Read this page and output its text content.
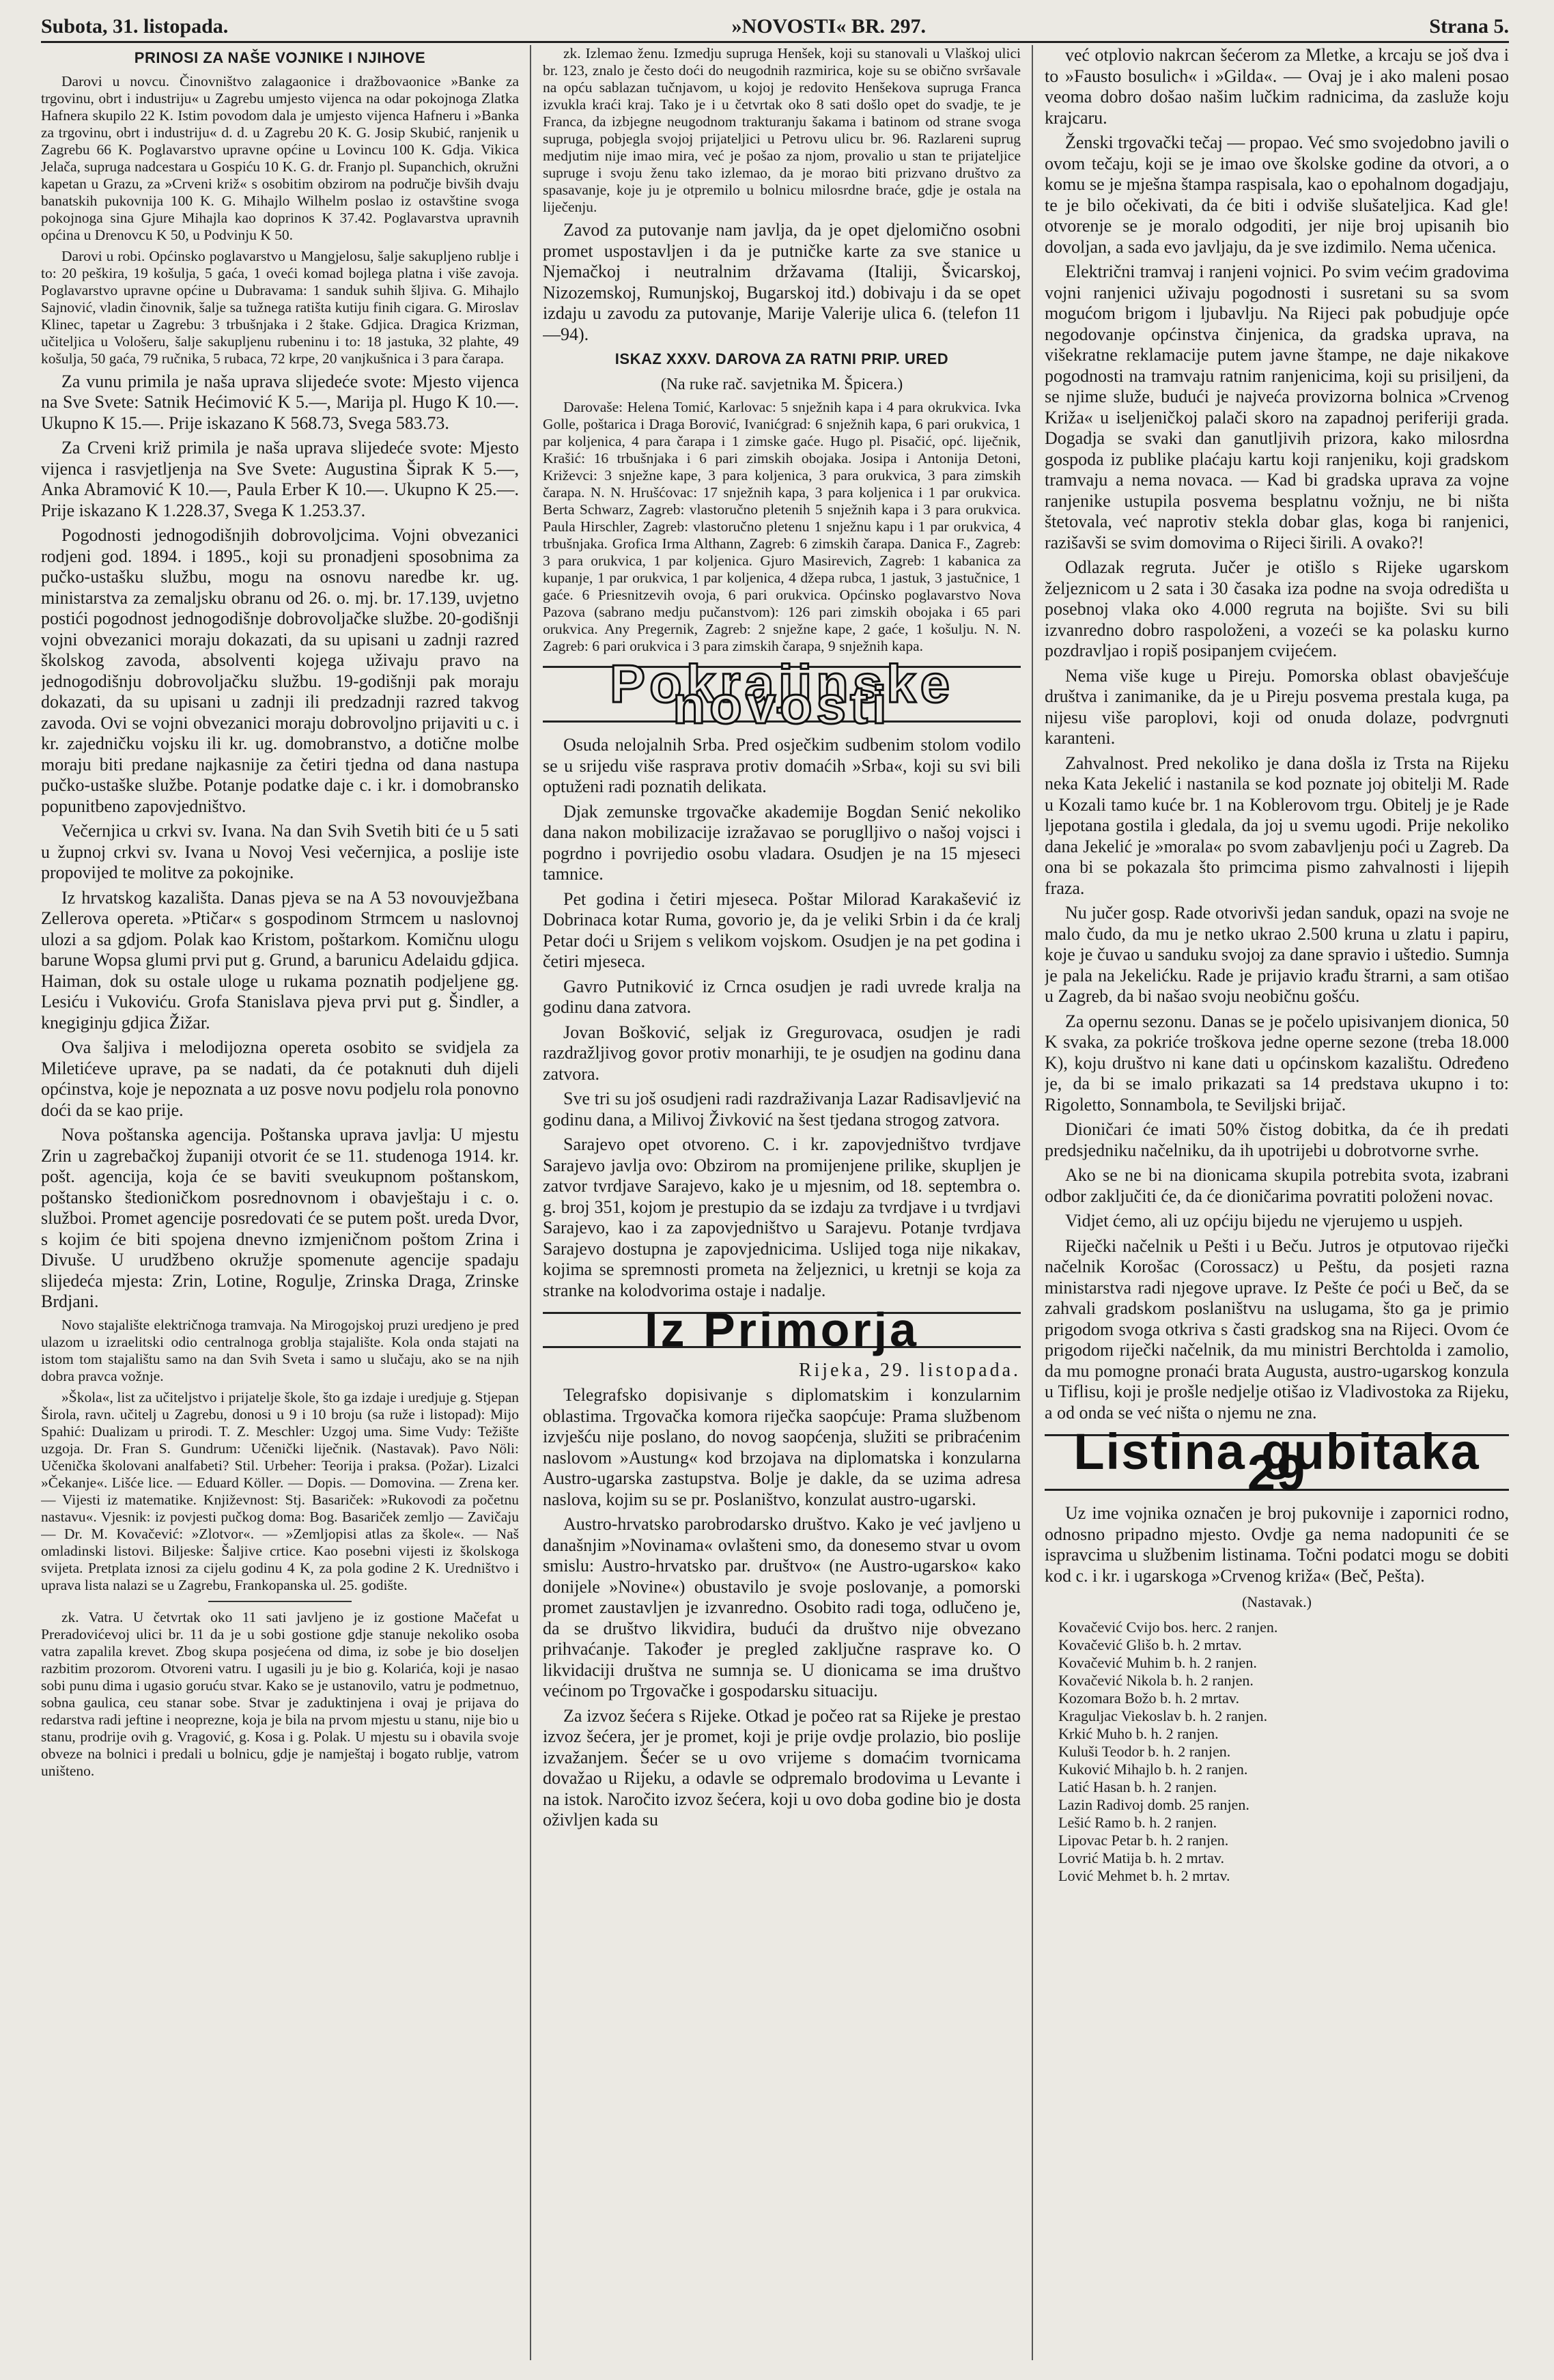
Subota, 31. listopada.	»NOVOSTI« BR. 297.	Strana 5.

PRINOSI ZA NAŠE VOJNIKE I NJIHOVE

Darovi u novcu. Činovništvo zalagaonice i dražbovaonice »Banke za trgovinu, obrt i industriju« u Zagrebu umjesto vijenca na odar pokojnoga Zlatka Hafnera skupilo 22 K. Istim povodom dala je umjesto vijenca Hafneru i »Banka za trgovinu, obrt i industriju« d. d. u Zagrebu 20 K. G. Josip Skubić, ranjenik u Zagrebu 66 K. Poglavarstvo upravne općine u Lovincu 100 K. Gdja. Vikica Jelača, supruga nadcestara u Gospiću 10 K. G. dr. Franjo pl. Supanchich, okružni kapetan u Grazu, za »Crveni križ« s osobitim obzirom na područje bivših dvaju banatskih pukovnija 100 K. G. Mihajlo Wilhelm poslao iz ostavštine svoga pokojnoga sina Gjure Mihajla kao doprinos K 37.42. Poglavarstva upravnih općina u Drenovcu K 50, u Podvinju K 50.

Darovi u robi. Općinsko poglavarstvo u Mangjelosu, šalje sakupljeno rublje i to: 20 peškira, 19 košulja, 5 gaća, 1 oveći komad bojlega platna i više zavoja. Poglavarstvo upravne općine u Dubravama: 1 sanduk suhih šljiva. G. Mihajlo Sajnović, vladin činovnik, šalje sa tužnega ratišta kutiju finih cigara. G. Miroslav Klinec, tapetar u Zagrebu: 3 trbušnjaka i 2 štake. Gdjica. Dragica Krizman, učiteljica u Vološeru, šalje sakupljenu rubeninu i to: 18 jastuka, 32 plahte, 49 košulja, 50 gaća, 79 ručnika, 5 rubaca, 72 krpe, 20 vanjkušnica i 3 para čarapa.

Za vunu primila je naša uprava slijedeće svote: Mjesto vijenca na Sve Svete: Satnik Hećimović K 5.—, Marija pl. Hugo K 10.—. Ukupno K 15.—. Prije iskazano K 568.73, Svega 583.73.

Za Crveni križ primila je naša uprava slijedeće svote: Mjesto vijenca i rasvjetljenja na Sve Svete: Augustina Šiprak K 5.—, Anka Abramović K 10.—, Paula Erber K 10.—. Ukupno K 25.—. Prije iskazano K 1.228.37, Svega K 1.253.37.

Pogodnosti jednogodišnjih dobrovoljcima. Vojni obvezanici rodjeni god. 1894. i 1895., koji su pronadjeni sposobnima za pučko-ustašku službu, mogu na osnovu naredbe kr. ug. ministarstva za zemaljsku obranu od 26. o. mj. br. 17.139, uvjetno postići pogodnost jednogodišnje dobrovoljačke službe. 20-godišnji vojni obvezanici moraju dokazati, da su upisani u zadnji razred školskog zavoda, absolventi kojega uživaju pravo na jednogodišnju dobrovoljačku službu. 19-godišnji pak moraju dokazati, da su upisani u zadnji ili predzadnji razred takvog zavoda. Ovi se vojni obvezanici moraju dobrovoljno prijaviti u c. i kr. zajedničku vojsku ili kr. ug. domobranstvo, a dotične molbe moraju biti predane najkasnije za četiri tjedna od dana nastupa pučko-ustaške službe. Potanje podatke daje c. i kr. i domobransko popunitbeno zapovjedništvo.

Večernjica u crkvi sv. Ivana. Na dan Svih Svetih biti će u 5 sati u župnoj crkvi sv. Ivana u Novoj Vesi večernjica, a poslije iste propovijed te molitve za pokojnike.

Iz hrvatskog kazališta. Danas pjeva se na A 53 novouvježbana Zellerova opereta. »Ptičar« s gospodinom Strmcem u naslovnoj ulozi a sa gdjom. Polak kao Kristom, poštarkom. Komičnu ulogu barune Wopsa glumi prvi put g. Grund, a barunicu Adelaidu gdjica. Haiman, dok su ostale uloge u rukama poznatih podjeljene gg. Lesiću i Vukoviću. Grofa Stanislava pjeva prvi put g. Šindler, a knegiginju gdjica Žižar.

Ova šaljiva i melodijozna opereta osobito se svidjela za Miletićeve uprave, pa se nadati, da će potaknuti duh dijeli općinstva, koje je nepoznata a uz posve novu podjelu rola ponovno doći da se kao prije.

Nova poštanska agencija. Poštanska uprava javlja: U mjestu Zrin u zagrebačkoj županiji otvorit će se 11. studenoga 1914. kr. pošt. agencija, koja će se baviti sveukupnom poštanskom, poštansko štedioničkom posrednovnom i obavještaju i c. o. služboi. Promet agencije posredovati će se putem pošt. ureda Dvor, s kojim će biti spojena dnevno izmjeničnom poštom Zrina i Divuše. U urudžbeno okružje spomenute agencije spadaju slijedeća mjesta: Zrin, Lotine, Rogulje, Zrinska Draga, Zrinske Brdjani.

Novo stajalište električnoga tramvaja. Na Mirogojskoj pruzi uredjeno je pred ulazom u izraelitski odio centralnoga groblja stajalište. Kola onda stajati na istom tom stajalištu samo na dan Svih Sveta i samo u slučaju, ako se na njih dobra pravca vožnje.

»Škola«, list za učiteljstvo i prijatelje škole, što ga izdaje i uredjuje g. Stjepan Širola, ravn. učitelj u Zagrebu, donosi u 9 i 10 broju (sa ruže i listopad): Mijo Spahić: Dualizam u prirodi. T. Z. Meschler: Uzgoj uma. Sime Vudy: Težište uzgoja. Dr. Fran S. Gundrum: Učenički liječnik. (Nastavak). Pavo Nöli: Učenička školovani analfabeti? Stil. Urbeher: Teorija i praksa. (Požar). Lizalci »Čekanje«. Lišće lice. — Eduard Köller. — Dopis. — Domovina. — Zrena ker. — Vijesti iz matematike. Književnost: Stj. Basariček: »Rukovodi za početnu nastavu«. Vjesnik: iz povjesti pučkog doma: Bog. Basariček zemljo — Zavičaju — Dr. M. Kovačević: »Zlotvor«. — »Zemljopisi atlas za škole«. — Naš omladinski listovi. Biljeske: Šaljive crtice. Kao posebni vijesti iz školskoga svijeta. Pretplata iznosi za cijelu godinu 4 K, za pola godine 2 K. Uredništvo i uprava lista nalazi se u Zagrebu, Frankopanska ul. 25. godište.

zk. Vatra. U četvrtak oko 11 sati javljeno je iz gostione Mačefat u Preradovićevoj ulici br. 11 da je u sobi gostione gdje stanuje nekoliko osoba vatra zapalila krevet. Zbog skupa posjećena od dima, iz sobe je bio doseljen razbitim prozorom. Otvoreni vatru. I ugasili ju je bio g. Kolarića, koji je nasao sobi punu dima i ugasio goruću stvar. Kako se je ustanovilo, vatru je podmetnuo, sobna gaulica, ceu stanar sobe. Stvar je zaduktinjena i ovaj je prijava do redarstva radi jeftine i neoprezne, koja je bila na prvom mjestu u stanu, nije bio u stanu, prodrije ovih g. Vragović, g. Kosa i g. Polak. U mjestu su i obavila svoje obveze na bolnici i predali u bolnicu, gdje je namještaj i bogato rublje, vatrom uništeno.

zk. Izlemao ženu. Izmedju supruga Henšek, koji su stanovali u Vlaškoj ulici br. 123, znalo je često doći do neugodnih razmirica, koje su se obično svršavale na opću sablazan tučnjavom, u kojoj je redovito Henšekova supruga Franca izvukla kraći kraj. Tako je i u četvrtak oko 8 sati došlo opet do svadje, te je Franca, da izbjegne neugodnom trakturanju šakama i batinom od strane svoga supruga, pobjegla svojoj prijateljici u Petrovu ulicu br. 96. Razlareni suprug medjutim nije imao mira, već je pošao za njom, provalio u stan te prijateljice supruge i svoju ženu tako izlemao, da je morao biti prizvano društvo za spasavanje, koje ju je otpremilo u bolnicu milosrdne braće, gdje je ostala na liječenju.

Zavod za putovanje nam javlja, da je opet djelomično osobni promet uspostavljen i da je putničke karte za sve stanice u Njemačkoj i neutralnim državama (Italiji, Švicarskoj, Nizozemskoj, Rumunjskoj, Bugarskoj itd.) dobivaju i da se opet izdaju u zavodu za putovanje, Marije Valerije ulica 6. (telefon 11—94).

ISKAZ XXXV. DAROVA ZA RATNI PRIP. URED

(Na ruke rač. savjetnika M. Špicera.)

Darovaše: Helena Tomić, Karlovac: 5 snježnih kapa i 4 para okrukvica. Ivka Golle, poštarica i Draga Borović, Ivanićgrad: 6 snježnih kapa, 6 pari orukvica, 1 par koljenica, 4 para čarapa i 1 zimske gaće. Hugo pl. Pisačić, opć. liječnik, Krašić: 16 trbušnjaka i 6 pari zimskih obojaka. Josipa i Antonija Detoni, Križevci: 3 snježne kape, 3 para koljenica, 3 para orukvica, 3 para zimskih čarapa. N. N. Hrušćovac: 17 snježnih kapa, 3 para koljenica i 1 par orukvica. Berta Schwarz, Zagreb: vlastoručno pletenih 5 snježnih kapa i 3 para orukvica. Paula Hirschler, Zagreb: vlastoručno pletenu 1 snježnu kapu i 1 par orukvica, 4 trbušnjaka. Grofica Irma Althann, Zagreb: 6 zimskih čarapa. Danica F., Zagreb: 3 para orukvica, 1 par koljenica. Gjuro Masirevich, Zagreb: 1 kabanica za kupanje, 1 par orukvica, 1 par koljenica, 4 džepa rubca, 1 jastuk, 3 jastučnice, 1 gaće. 6 Priesnitzevih ovoja, 6 pari orukvica. Općinsko poglavarstvo Nova Pazova (sabrano medju pučanstvom): 126 pari zimskih obojaka i 65 pari orukvica. Any Pregernik, Zagreb: 2 snježne kape, 2 gaće, 1 košulju. N. N. Zagreb: 6 pari orukvica i 3 para zimskih čarapa, 9 snježnih kapa.

Pokrajinske novosti

Osuda nelojalnih Srba. Pred osječkim sudbenim stolom vodilo se u srijedu više rasprava protiv domaćih »Srba«, koji su svi bili optuženi radi poznatih delikata.

Djak zemunske trgovačke akademije Bogdan Senić nekoliko dana nakon mobilizacije izražavao se poruglljivo o našoj vojsci i pogrdno i povrijedio osobu vladara. Osudjen je na 15 mjeseci tamnice.

Pet godina i četiri mjeseca. Poštar Milorad Karakašević iz Dobrinaca kotar Ruma, govorio je, da je veliki Srbin i da će kralj Petar doći u Srijem s velikom vojskom. Osudjen je na pet godina i četiri mjeseca.

Gavro Putniković iz Crnca osudjen je radi uvrede kralja na godinu dana zatvora.

Jovan Bošković, seljak iz Gregurovaca, osudjen je radi razdražljivog govor protiv monarhiji, te je osudjen na godinu dana zatvora.

Sve tri su još osudjeni radi razdraživanja Lazar Radisavljević na godinu dana, a Milivoj Živković na šest tjedana strogog zatvora.

Sarajevo opet otvoreno. C. i kr. zapovjedništvo tvrdjave Sarajevo javlja ovo: Obzirom na promijenjene prilike, skupljen je zatvor tvrdjave Sarajevo, kako je u mjesnim, od 18. septembra o. g. broj 351, kojom je prestupio da se izdaju za tvrdjave i u tvrdjavi Sarajevo, kao i za zapovjedništvo u Sarajevu. Potanje tvrdjava Sarajevo dostupna je zapovjednicima. Uslijed toga nije nikakav, kojima se spremnosti prometa na željeznici, u kretnji se koja za stranke na kolodvorima ostaje i nadalje.

Iz Primorja

Rijeka, 29. listopada.

Telegrafsko dopisivanje s diplomatskim i konzularnim oblastima. Trgovačka komora riječka saopćuje: Prama službenom izvješću nije poslano, do novog saopćenja, služiti se pribraćenim naslovom »Austung« kod brzojava na diplomatska i konzularna Austro-ugarska zastupstva. Bolje je dakle, da se uzima adresa naslova, kojim su se pr. Poslaništvo, konzulat austro-ugarski.

Austro-hrvatsko parobrodarsko društvo. Kako je već javljeno u današnjim »Novinama« ovlašteni smo, da donesemo stvar u ovom smislu: Austro-hrvatsko par. društvo« (ne Austro-ugarsko« kako donijele »Novine«) obustavilo je svoje poslovanje, a pomorski promet zaustavljen je izvanredno. Osobito radi toga, odlučeno je, da se društvo likvidira, budući da društvo nije obvezano prihvaćanje. Također je pregled zaključne rasprave ko. O likvidaciji društva ne sumnja se. U dionicama se ima društvo većinom po Trgovačke i gospodarsku situaciju.

Za izvoz šećera s Rijeke. Otkad je počeo rat sa Rijeke je prestao izvoz šećera, jer je promet, koji je prije ovdje prolazio, bio poslije izvažanjem. Šećer se u ovo vrijeme s domaćim tvornicama dovažao u Rijeku, a odavle se odpremalo brodovima u Levante i na istok. Naročito izvoz šećera, koji u ovo doba godine bio je dosta oživljen kada su

već otplovio nakrcan šećerom za Mletke, a krcaju se još dva i to »Fausto bosulich« i »Gilda«. — Ovaj je i ako maleni posao veoma dobro došao našim lučkim radnicima, da zasluže koju krajcaru.

Ženski trgovački tečaj — propao. Već smo svojedobno javili o ovom tečaju, koji se je imao ove školske godine da otvori, a o komu se je mješna štampa raspisala, kao o epohalnom dogadjaju, te je bilo očekivati, da će biti i odviše slušateljica. Kad gle! otvorenje se je moralo odgoditi, jer nije broj upisanih bio dovoljan, a sada evo javljaju, da je sve izdimilo. Nema učenica.

Električni tramvaj i ranjeni vojnici. Po svim većim gradovima vojni ranjenici uživaju pogodnosti i susretani su sa svom mogućom brigom i ljubavlju. Na Rijeci pak pobudjuje opće negodovanje općinstva činjenica, da gradska uprava, na višekratne reklamacije putem javne štampe, ne daje nikakove pogodnosti na tramvaju ratnim ranjenicima, koji su prisiljeni, da se njime služe, budući je najveća provizorna bolnica »Crvenog Križa« u iseljeničkoj palači skoro na zapadnoj periferiji grada. Dogadja se svaki dan ganutljivih prizora, kako milosrdna gospoda iz publike plaćaju kartu koji ranjeniku, koji gradskom tramvaju a nema novaca. — Kad bi gradska uprava za vojne ranjenike ustupila posvema besplatnu vožnju, ne bi ništa štetovala, već naprotiv stekla dobar glas, koga bi ranjenici, razišavši se svim domovima o Rijeci širili. A ovako?!

Odlazak regruta. Jučer je otišlo s Rijeke ugarskom željeznicom u 2 sata i 30 časaka iza podne na svoja odredišta u posebnoj vlaka oko 4.000 regruta na bojište. Svi su bili izvanredno dobro raspoloženi, a vozeći se ka polasku kurno pozdravljao i ropiš posipanjem cvijećem.

Nema više kuge u Pireju. Pomorska oblast obavješćuje društva i zanimanike, da je u Pireju posvema prestala kuga, pa nijesu više paroplovi, koji od onuda dolaze, podvrgnuti karanteni.

Zahvalnost. Pred nekoliko je dana došla iz Trsta na Rijeku neka Kata Jekelić i nastanila se kod poznate joj obitelji M. Rade u Kozali tamo kuće br. 1 na Koblerovom trgu. Obitelj je je Rade ljepotana gostila i gledala, da joj u svemu ugodi. Prije nekoliko dana Jekelić je »morala« po svom zabavljenju poći u Zagreb. Da ona bi se pokazala što primcima pismo zahvalnosti i lijepih fraza.

Nu jučer gosp. Rade otvorivši jedan sanduk, opazi na svoje ne malo čudo, da mu je netko ukrao 2.500 kruna u zlatu i papiru, koje je čuvao u sanduku svojoj za dane spravio i uštedio. Sumnja je pala na Jekelićku. Rade je prijavio krađu štrarni, a sam otišao u Zagreb, da bi našao svoju neobičnu gošću.

Za opernu sezonu. Danas se je počelo upisivanjem dionica, 50 K svaka, za pokriće troškova jedne operne sezone (treba 18.000 K), koju društvo ni kane dati u općinskom kazalištu. Određeno je, da bi se imalo prikazati sa 14 predstava ukupno i to: Rigoletto, Sonnambola, te Seviljski brijač.

Dioničari će imati 50% čistog dobitka, da će ih predati predsjedniku načelniku, da ih upotrijebi u dobrotvorne svrhe.

Ako se ne bi na dionicama skupila potrebita svota, izabrani odbor zaključiti će, da će dioničarima povratiti položeni novac.

Vidjet ćemo, ali uz općiju bijedu ne vjerujemo u uspjeh.

Riječki načelnik u Pešti i u Beču. Jutros je otputovao riječki načelnik Korošac (Corossacz) u Peštu, da posjeti razna ministarstva radi njegove uprave. Iz Pešte će poći u Beč, da se zahvali gradskom poslaništvu na uslugama, što ga je primio prigodom svoga otkriva s časti gradskog sna na Rijeci. Ovom će prigodom riječki načelnik, da mu ministri Berchtolda i zamolio, da mu pomogne pronaći brata Augusta, austro-ugarskog konzula u Tiflisu, koji je prošle nedjelje otišao iz Vladivostoka za Rijeku, a od onda se već ništa o njemu ne zna.

Listina gubitaka 29

Uz ime vojnika označen je broj pukovnije i zapornici rodno, odnosno pripadno mjesto. Ovdje ga nema nadopuniti će se ispravcima u službenim listinama. Točni podatci mogu se dobiti kod c. i kr. i ugarskoga »Crvenog križa« (Beč, Pešta).

(Nastavak.)

Kovačević Cvijo bos. herc. 2 ranjen.
Kovačević Glišo b. h. 2 mrtav.
Kovačević Muhim b. h. 2 ranjen.
Kovačević Nikola b. h. 2 ranjen.
Kozomara Božo b. h. 2 mrtav.
Kraguljac Viekoslav b. h. 2 ranjen.
Krkić Muho b. h. 2 ranjen.
Kuluši Teodor b. h. 2 ranjen.
Kuković Mihajlo b. h. 2 ranjen.
Latić Hasan b. h. 2 ranjen.
Lazin Radivoj domb. 25 ranjen.
Lešić Ramo b. h. 2 ranjen.
Lipovac Petar b. h. 2 ranjen.
Lovrić Matija b. h. 2 mrtav.
Lović Mehmet b. h. 2 mrtav.
